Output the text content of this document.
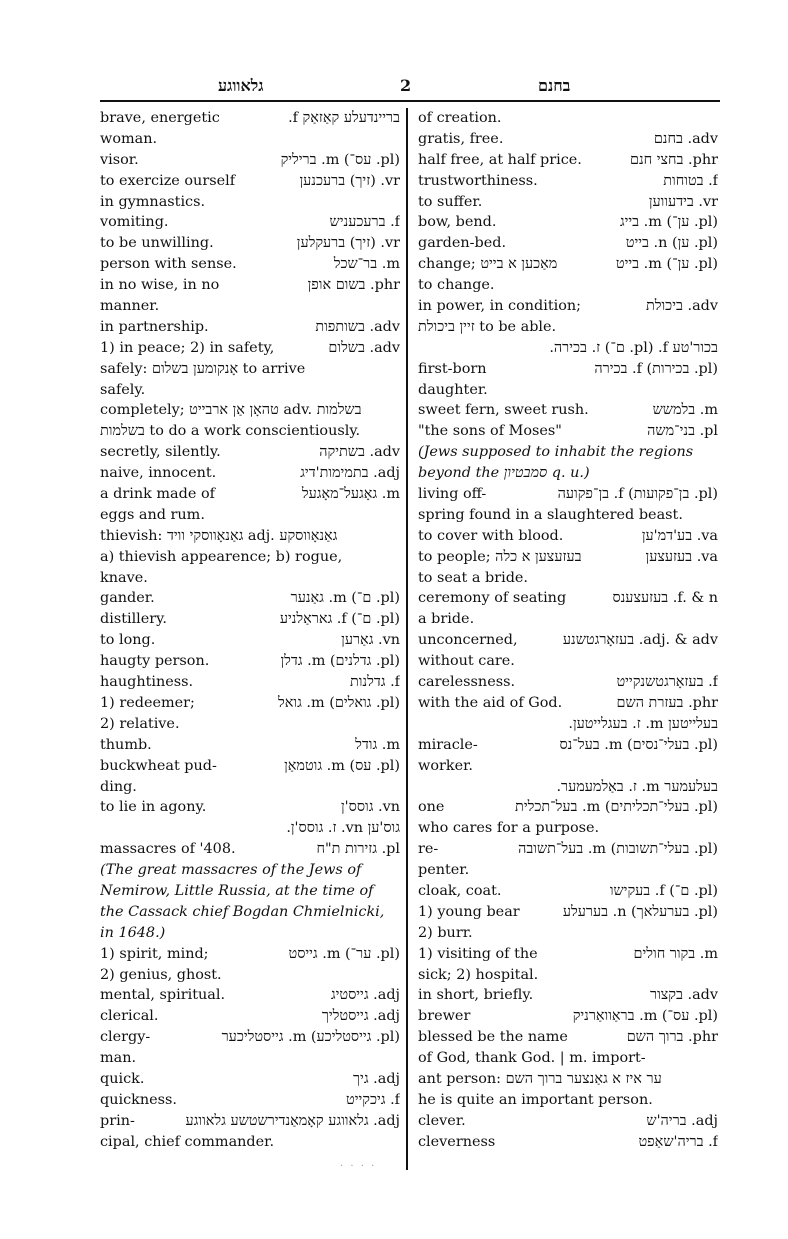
גלאווגע	2	בחנם
brave, energetic	בריינדעלע קאַזאַק f.
woman.
visor.	(pl. עס־) m. בריליק
to exercize ourself	vr. (זיך) ברעכנען
in gymnastics.
vomiting.	f. ברעכעניש
to be unwilling.	vr. (זיך) ברעקלען
person with sense.	m. בר־שכל
in no wise, in no	phr. בשום אופן
manner.
in partnership.	adv. בשותפות
1) in peace; 2) in safety,	adv. בשלום
safely: אָנקומען בשלום to arrive
safely.
completely; טהאָן אַן ארבייט adv. בשלמות
בשלמות to do a work conscientiously.
secretly, silently.	adv. בשתיקה
naive, innocent.	adj. בתמימות'דיג
a drink made of	m. גאָגעל־מאָגעל
eggs and rum.
thievish: גאַנאָווסקי וויד adj. גאַנאָווסקע
a) thievish appearence; b) rogue,
knave.
gander.	(pl. ם־) m. גאַנער
distillery.	(pl. ם־) f. גאראַלניע
to long.	vn. גאַרען
haugty person.	(pl. גדלנים) m. גדלן
haughtiness.	f. גדלנות
1) redeemer;	(pl. גואלים) m. גואל
2) relative.
thumb.	m. גודל
buckwheat pud-	(pl. עס) m. גוטמאַן
ding.
to lie in agony.	vn. גוסס'ן
גוס'ען vn. ז. גוסס'ן.
massacres of '408.	pl. גזירות ת"ח
(The great massacres of the Jews of
Nemirow, Little Russia, at the time of
the Cassack chief Bogdan Chmielnicki,
in 1648.)
1) spirit, mind;	(pl. ער־) m. גייסט
2) genius, ghost.
mental, spiritual.	adj. גייסטיג
clerical.	adj. גייסטליך
clergy-	(pl. גייסטליכע) m. גייסטליכער
man.
quick.	adj. גיך
quickness.	f. גיכקייט
prin-	adj. גלאווגע קאָמאַנדירשטשע גלאווגע
cipal, chief commander.
of creation.
gratis, free.	adv. בחנם
half free, at half price.	phr. בחצי חנם
trustworthiness.	f. בטוחות
to suffer.	vr. בידעווען
bow, bend.	(pl. ען־) m. בייג
garden-bed.	(pl. ען) n. בייט
change; מאַכען א בייט	(pl. ען־) m. בייט
to change.
in power, in condition;	adv. ביכולת
זיין ביכולת to be able.
בכור'טע f. (pl. ם־) ז. בכירה.
first-born	(pl. בכירות) f. בכירה
daughter.
sweet fern, sweet rush.	m. בלמשש
"the sons of Moses"	pl. בני־משה
(Jews supposed to inhabit the regions
beyond the סמבטיון q. u.)
living off-	(pl. בן־פקועות) f. בן־פקועה
spring found in a slaughtered beast.
to cover with blood.	va. בע'דמ'ען
to people; בעזעצען א כלה	va. בעזעצען
to seat a bride.
ceremony of seating	f. & n. בעזעצענס
a bride.
unconcerned,	adj. & adv. בעזאָרגטשנע
without care.
carelessness.	f. בעזאָרגטשנקייט
with the aid of God.	phr. בעזרת השם
בעלייטען m. ז. בעגלייטען.
miracle-	(pl. בעלי־נסים) m. בעל־נס
worker.
בעלעמער m. ז. באַלמעמער.
one	(pl. בעלי־תכליתים) m. בעל־תכלית
who cares for a purpose.
re-	(pl. בעלי־תשובות) m. בעל־תשובה
penter.
cloak, coat.	(pl. ם־) f. בעקישו
1) young bear	(pl. בערעלאך) n. בערעלע
2) burr.
1) visiting of the	m. בקור חולים
sick; 2) hospital.
in short, briefly.	adv. בקצור
brewer	(pl. עס־) m. בראַוואַרניק
blessed be the name	phr. ברוך השם
of God, thank God. | m. import-
ant person: ער איז א גאַנצער ברוך השם
he is quite an important person.
clever.	adj. בריה'ש
cleverness	f. בריה'שאַפט
. . . .
